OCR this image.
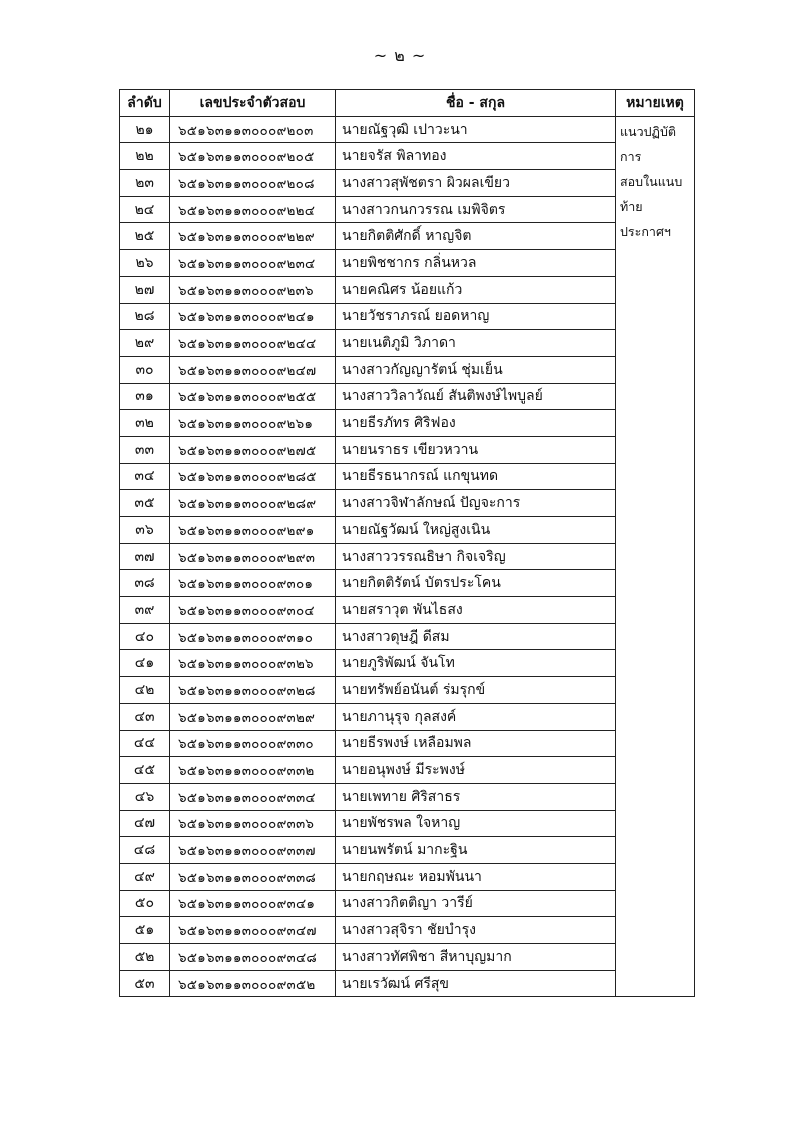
~ ๒ ~
ลำดับ	เลขประจำตัวสอบ	ชื่อ - สกุล	หมายเหตุ
๒๑	๖๕๑๖๓๑๑๓๐๐๐๙๒๐๓	นายณัฐวุฒิ เปาวะนา	แนวปฏิบัติการ
สอบในแนบท้าย
ประกาศฯ

๒๒	๖๕๑๖๓๑๑๓๐๐๐๙๒๐๕	นายจรัส พิลาทอง	
๒๓	๖๕๑๖๓๑๑๓๐๐๐๙๒๐๘	นางสาวสุพัชตรา ผิวผลเขียว	
๒๔	๖๕๑๖๓๑๑๓๐๐๐๙๒๒๔	นางสาวกนกวรรณ เมพิจิตร	
๒๕	๖๕๑๖๓๑๑๓๐๐๐๙๒๒๙	นายกิตติศักดิ์ หาญจิต	
๒๖	๖๕๑๖๓๑๑๓๐๐๐๙๒๓๔	นายพิชชากร กลิ่นหวล	
๒๗	๖๕๑๖๓๑๑๓๐๐๐๙๒๓๖	นายคณิศร น้อยแก้ว	
๒๘	๖๕๑๖๓๑๑๓๐๐๐๙๒๔๑	นายวัชราภรณ์ ยอดหาญ	
๒๙	๖๕๑๖๓๑๑๓๐๐๐๙๒๔๔	นายเนติภูมิ วิภาดา	
๓๐	๖๕๑๖๓๑๑๓๐๐๐๙๒๔๗	นางสาวกัญญารัตน์ ชุ่มเย็น	
๓๑	๖๕๑๖๓๑๑๓๐๐๐๙๒๕๕	นางสาววิลาวัณย์ สันติพงษ์ไพบูลย์	
๓๒	๖๕๑๖๓๑๑๓๐๐๐๙๒๖๑	นายธีรภัทร ศิริฟอง	
๓๓	๖๕๑๖๓๑๑๓๐๐๐๙๒๗๕	นายนราธร เขียวหวาน	
๓๔	๖๕๑๖๓๑๑๓๐๐๐๙๒๘๕	นายธีรธนากรณ์ แกขุนทด	
๓๕	๖๕๑๖๓๑๑๓๐๐๐๙๒๘๙	นางสาวจิฬาลักษณ์ ปัญจะการ	
๓๖	๖๕๑๖๓๑๑๓๐๐๐๙๒๙๑	นายณัฐวัฒน์ ใหญ่สูงเนิน	
๓๗	๖๕๑๖๓๑๑๓๐๐๐๙๒๙๓	นางสาววรรณธิษา กิจเจริญ	
๓๘	๖๕๑๖๓๑๑๓๐๐๐๙๓๐๑	นายกิตติรัตน์ บัตรประโคน	
๓๙	๖๕๑๖๓๑๑๓๐๐๐๙๓๐๔	นายสราวุต พันไธสง	
๔๐	๖๕๑๖๓๑๑๓๐๐๐๙๓๑๐	นางสาวดุษฎี ดีสม	
๔๑	๖๕๑๖๓๑๑๓๐๐๐๙๓๒๖	นายภูริพัฒน์ จันโท	
๔๒	๖๕๑๖๓๑๑๓๐๐๐๙๓๒๘	นายทรัพย์อนันต์ ร่มรุกข์	
๔๓	๖๕๑๖๓๑๑๓๐๐๐๙๓๒๙	นายภานุรุจ กุลสงค์	
๔๔	๖๕๑๖๓๑๑๓๐๐๐๙๓๓๐	นายธีรพงษ์ เหลือมพล	
๔๕	๖๕๑๖๓๑๑๓๐๐๐๙๓๓๒	นายอนุพงษ์ มีระพงษ์	
๔๖	๖๕๑๖๓๑๑๓๐๐๐๙๓๓๔	นายเพทาย ศิริสาธร	
๔๗	๖๕๑๖๓๑๑๓๐๐๐๙๓๓๖	นายพัชรพล ใจหาญ	
๔๘	๖๕๑๖๓๑๑๓๐๐๐๙๓๓๗	นายนพรัตน์ มากะฐิน	
๔๙	๖๕๑๖๓๑๑๓๐๐๐๙๓๓๘	นายกฤษณะ หอมพันนา	
๕๐	๖๕๑๖๓๑๑๓๐๐๐๙๓๔๑	นางสาวกิตติญา วารีย์	
๕๑	๖๕๑๖๓๑๑๓๐๐๐๙๓๔๗	นางสาวสุจิรา ชัยบำรุง	
๕๒	๖๕๑๖๓๑๑๓๐๐๐๙๓๔๘	นางสาวทัศพิชา สีหาบุญมาก	
๕๓	๖๕๑๖๓๑๑๓๐๐๐๙๓๕๒	นายเรวัฒน์ ศรีสุข	
